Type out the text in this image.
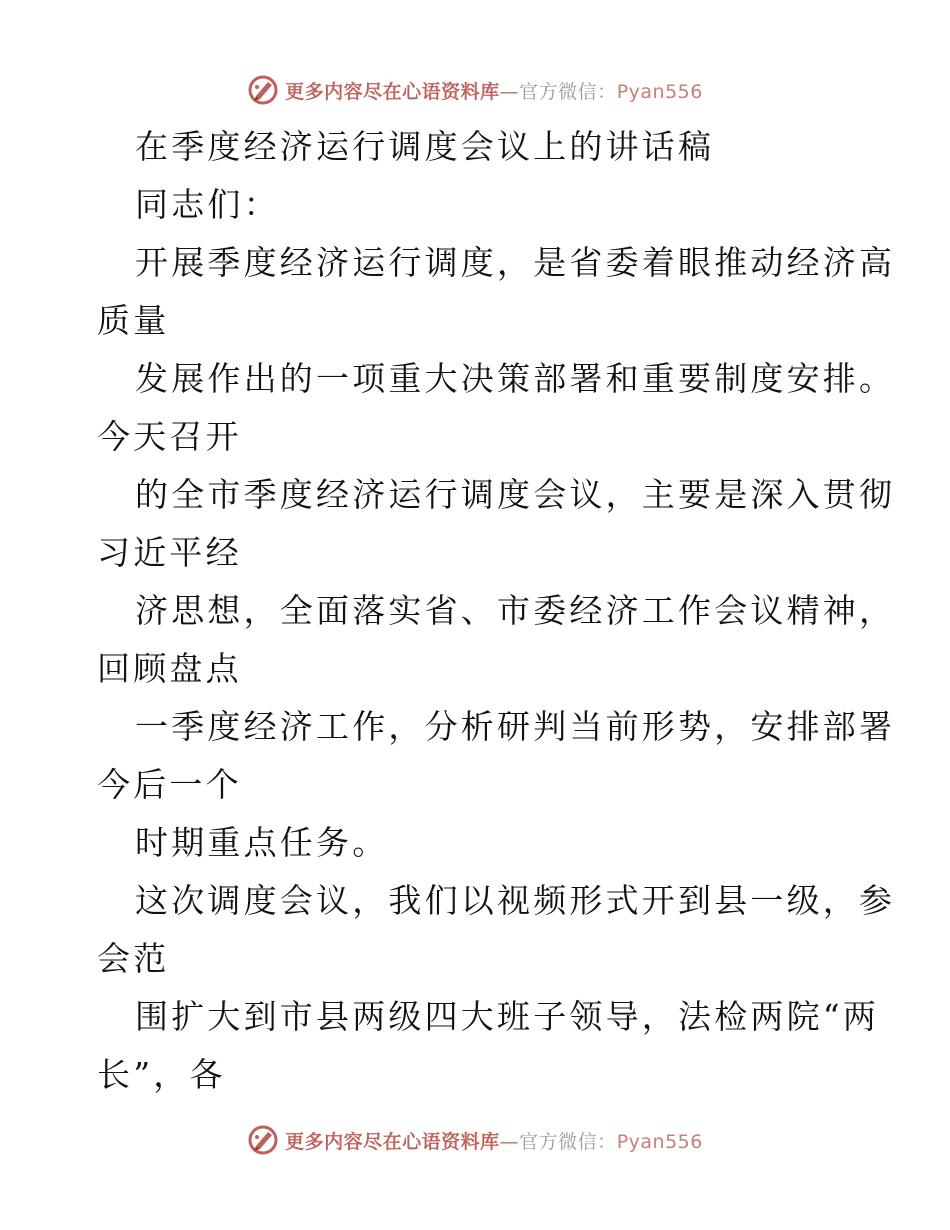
更多内容尽在心语资料库—官方微信：Pyan556
在季度经济运行调度会议上的讲话稿
同志们：
开展季度经济运行调度，是省委着眼推动经济高
质量
发展作出的一项重大决策部署和重要制度安排。
今天召开
的全市季度经济运行调度会议，主要是深入贯彻
习近平经
济思想，全面落实省、市委经济工作会议精神，
回顾盘点
一季度经济工作，分析研判当前形势，安排部署
今后一个
时期重点任务。
这次调度会议，我们以视频形式开到县一级，参
会范
围扩大到市县两级四大班子领导，法检两院“两
长”，各
更多内容尽在心语资料库—官方微信：Pyan556
